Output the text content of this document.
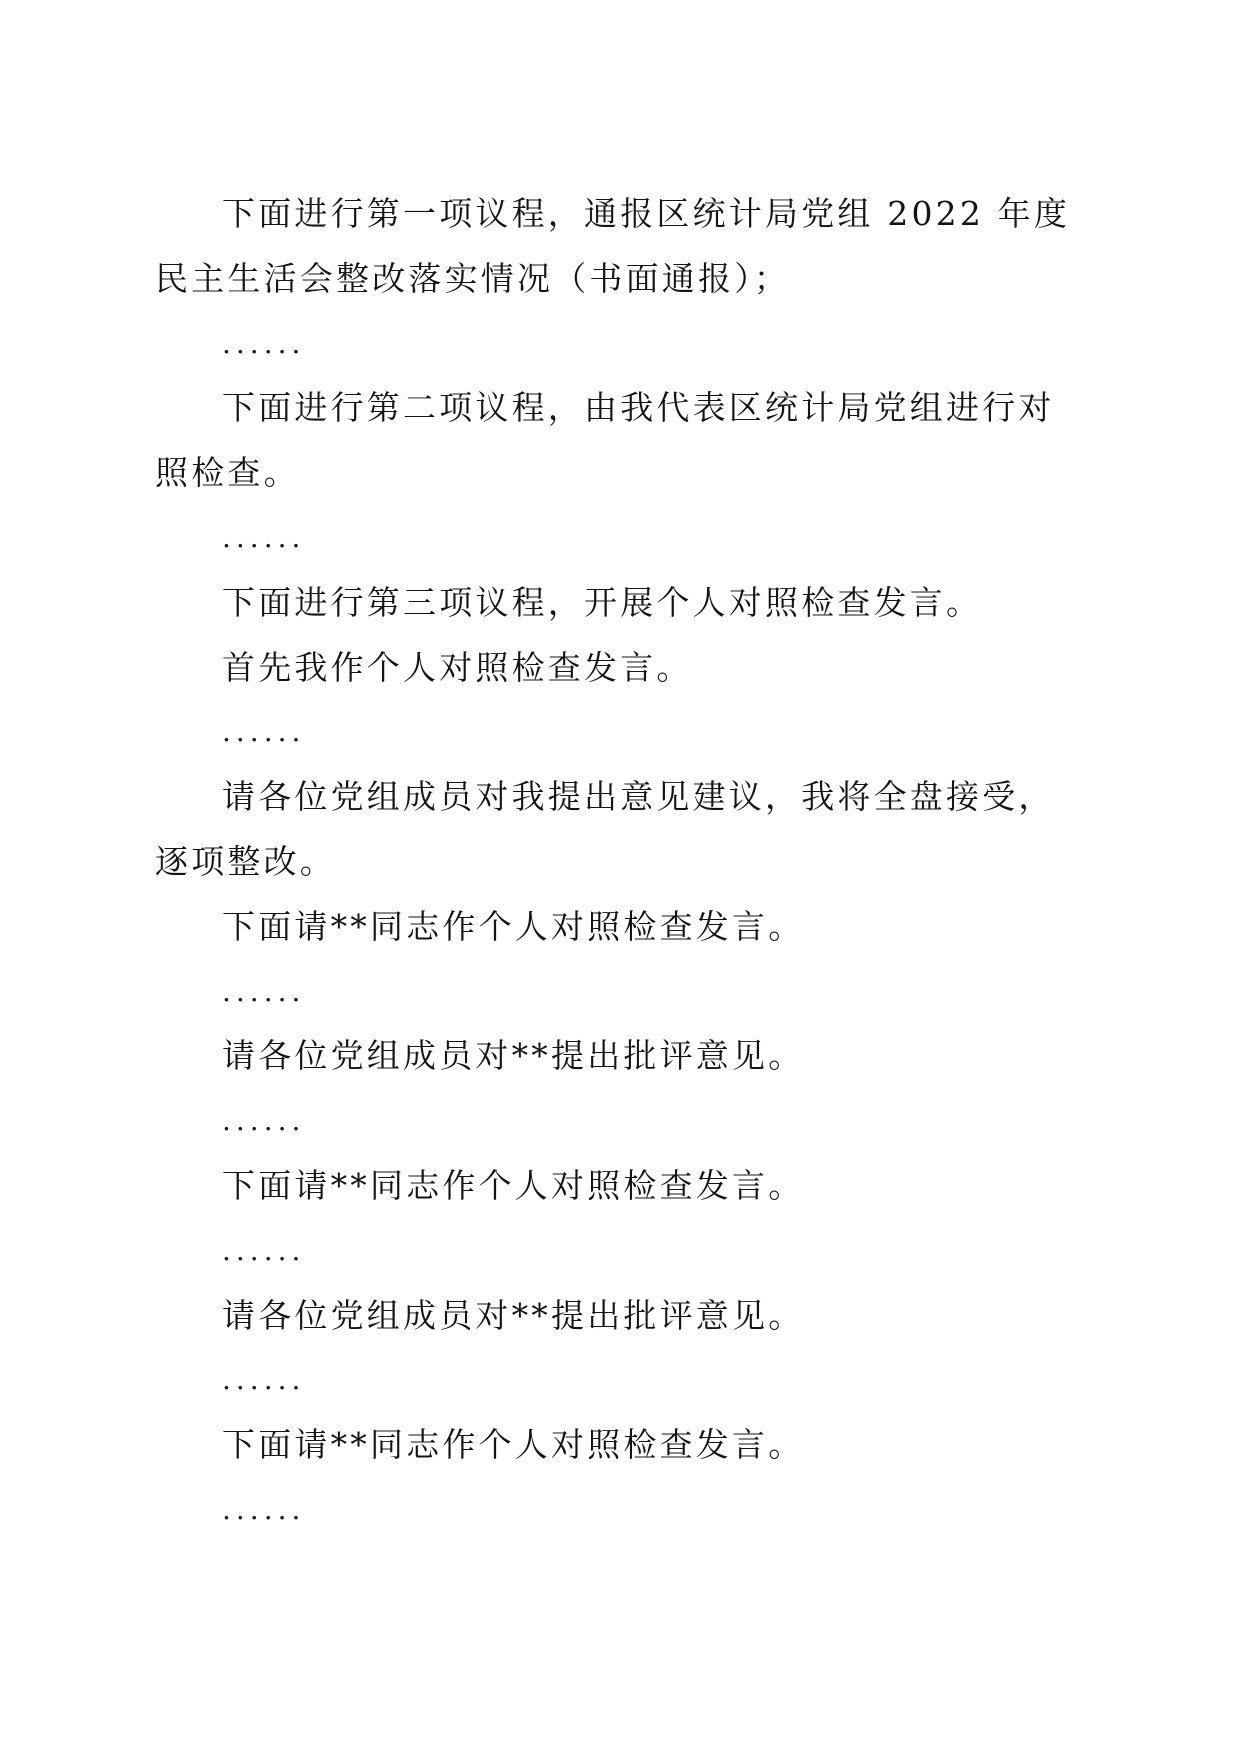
下面进行第一项议程，通报区统计局党组 2022 年度民主生活会整改落实情况（书面通报）；

......

下面进行第二项议程，由我代表区统计局党组进行对照检查。

......

下面进行第三项议程，开展个人对照检查发言。

首先我作个人对照检查发言。

......

请各位党组成员对我提出意见建议，我将全盘接受，逐项整改。

下面请**同志作个人对照检查发言。

......

请各位党组成员对**提出批评意见。

......

下面请**同志作个人对照检查发言。

......

请各位党组成员对**提出批评意见。

......

下面请**同志作个人对照检查发言。

......
